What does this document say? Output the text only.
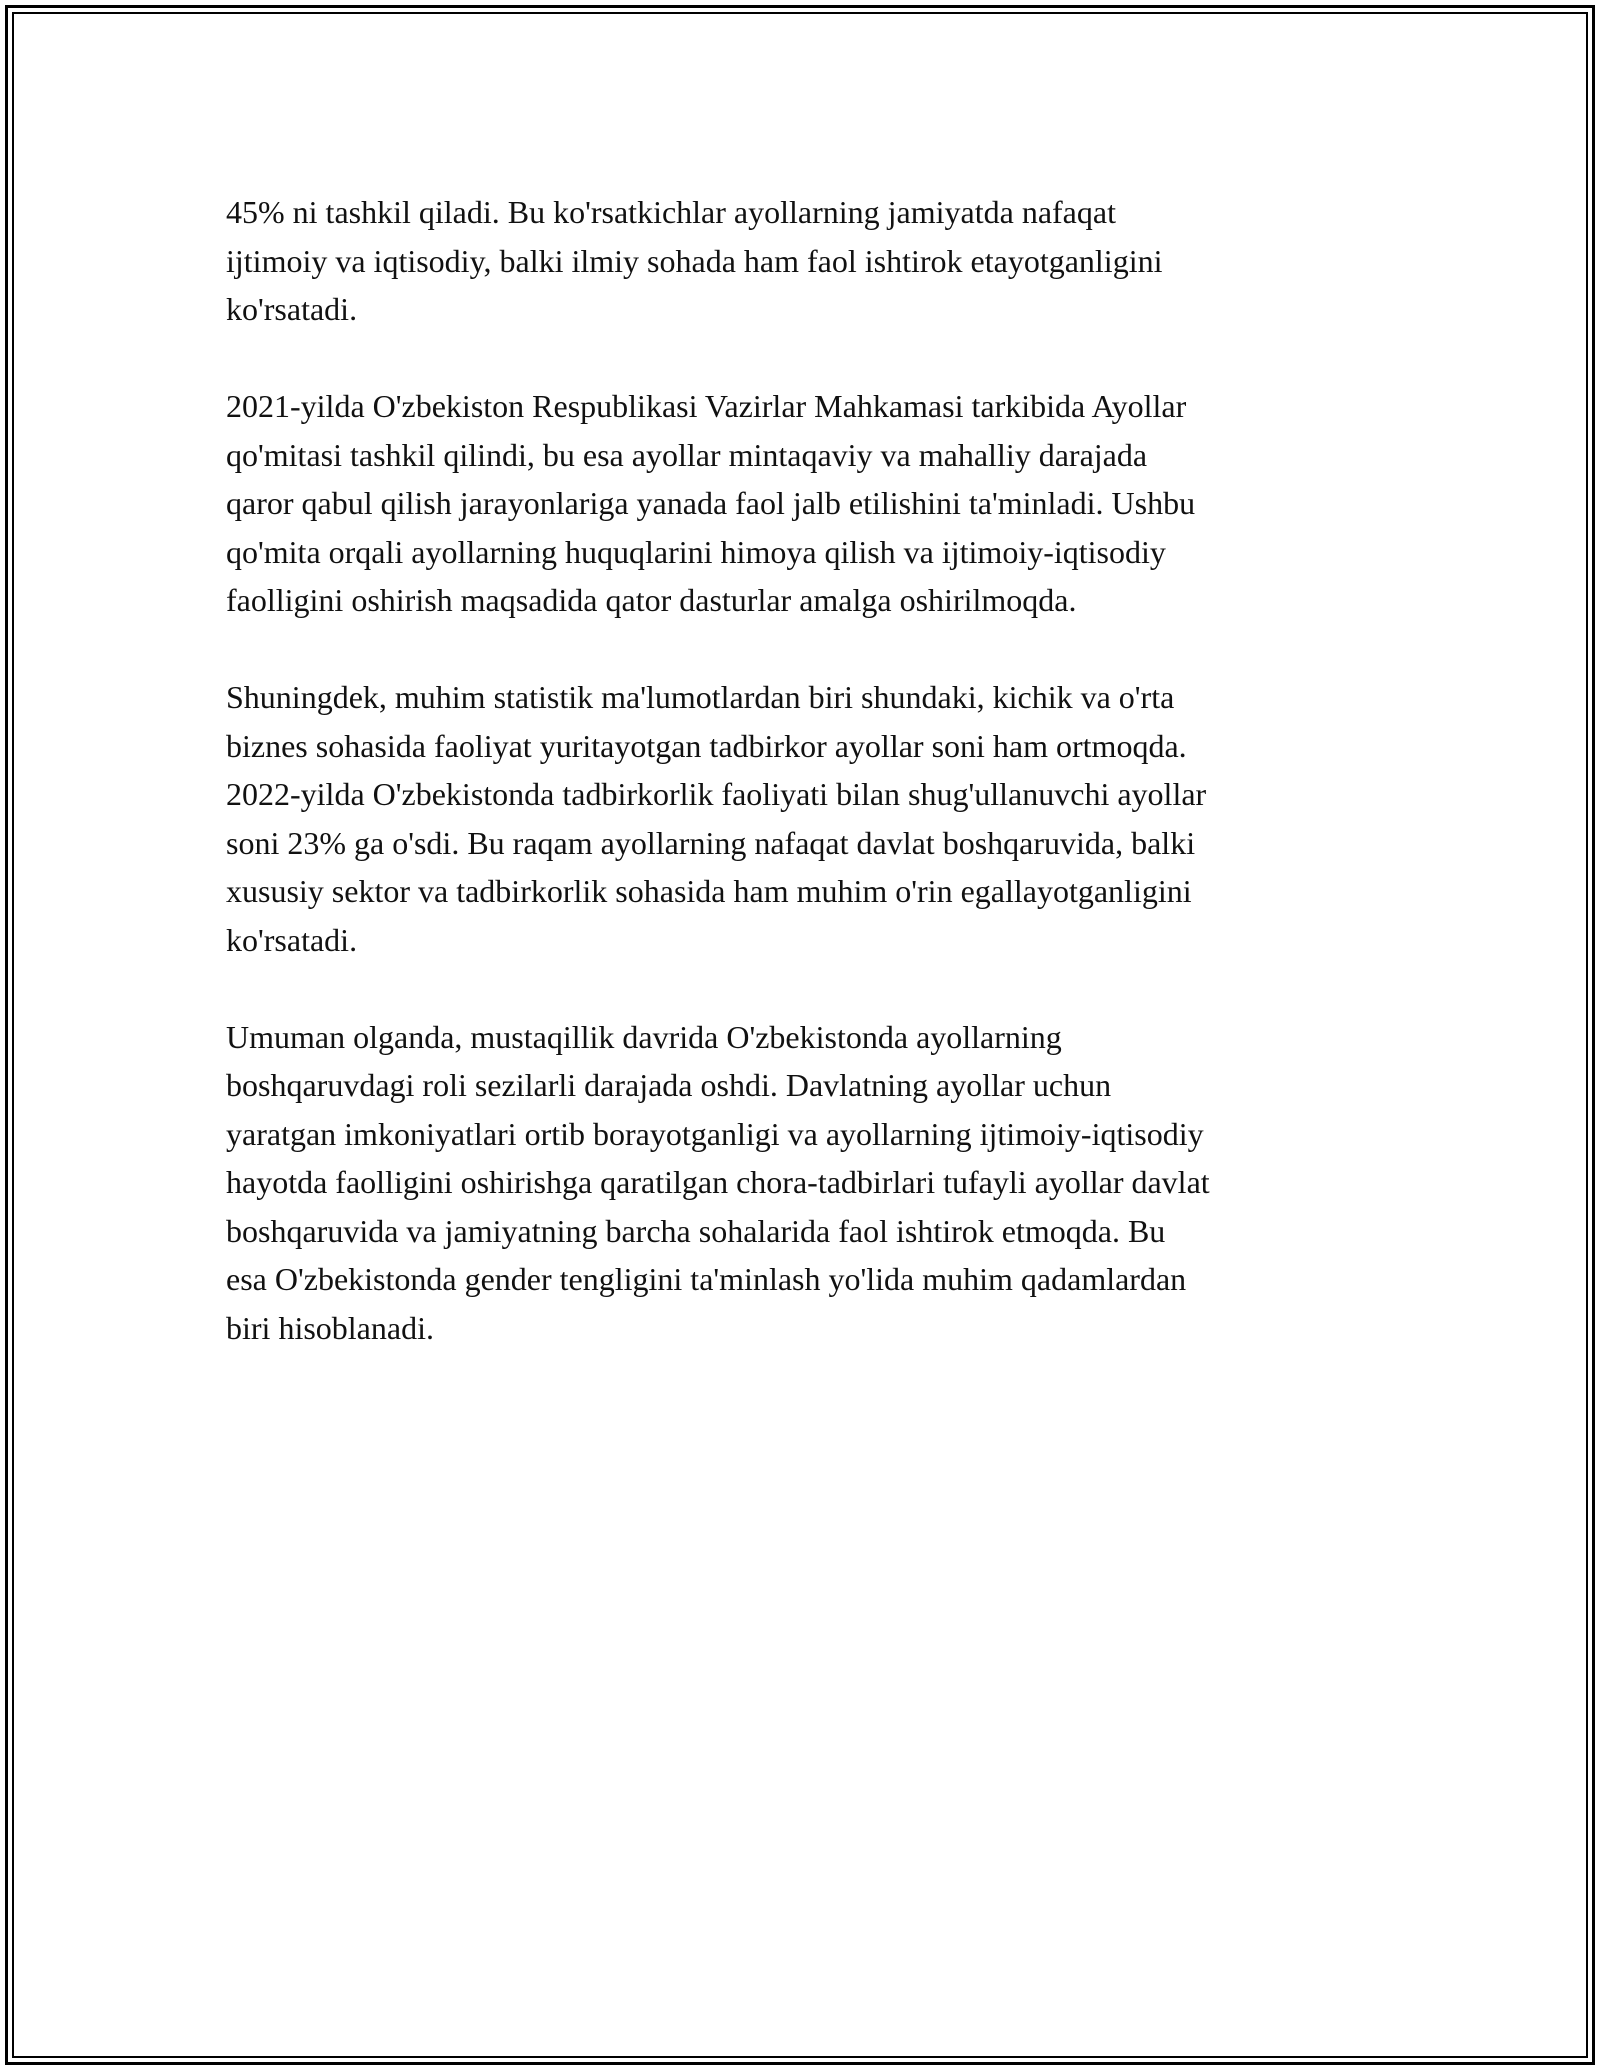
45% ni tashkil qiladi. Bu ko'rsatkichlar ayollarning jamiyatda nafaqat
ijtimoiy va iqtisodiy, balki ilmiy sohada ham faol ishtirok etayotganligini
ko'rsatadi.

2021-yilda O'zbekiston Respublikasi Vazirlar Mahkamasi tarkibida Ayollar
qo'mitasi tashkil qilindi, bu esa ayollar mintaqaviy va mahalliy darajada
qaror qabul qilish jarayonlariga yanada faol jalb etilishini ta'minladi. Ushbu
qo'mita orqali ayollarning huquqlarini himoya qilish va ijtimoiy-iqtisodiy
faolligini oshirish maqsadida qator dasturlar amalga oshirilmoqda.

Shuningdek, muhim statistik ma'lumotlardan biri shundaki, kichik va o'rta
biznes sohasida faoliyat yuritayotgan tadbirkor ayollar soni ham ortmoqda.
2022-yilda O'zbekistonda tadbirkorlik faoliyati bilan shug'ullanuvchi ayollar
soni 23% ga o'sdi. Bu raqam ayollarning nafaqat davlat boshqaruvida, balki
xususiy sektor va tadbirkorlik sohasida ham muhim o'rin egallayotganligini
ko'rsatadi.

Umuman olganda, mustaqillik davrida O'zbekistonda ayollarning
boshqaruvdagi roli sezilarli darajada oshdi. Davlatning ayollar uchun
yaratgan imkoniyatlari ortib borayotganligi va ayollarning ijtimoiy-iqtisodiy
hayotda faolligini oshirishga qaratilgan chora-tadbirlari tufayli ayollar davlat
boshqaruvida va jamiyatning barcha sohalarida faol ishtirok etmoqda. Bu
esa O'zbekistonda gender tengligini ta'minlash yo'lida muhim qadamlardan
biri hisoblanadi.
